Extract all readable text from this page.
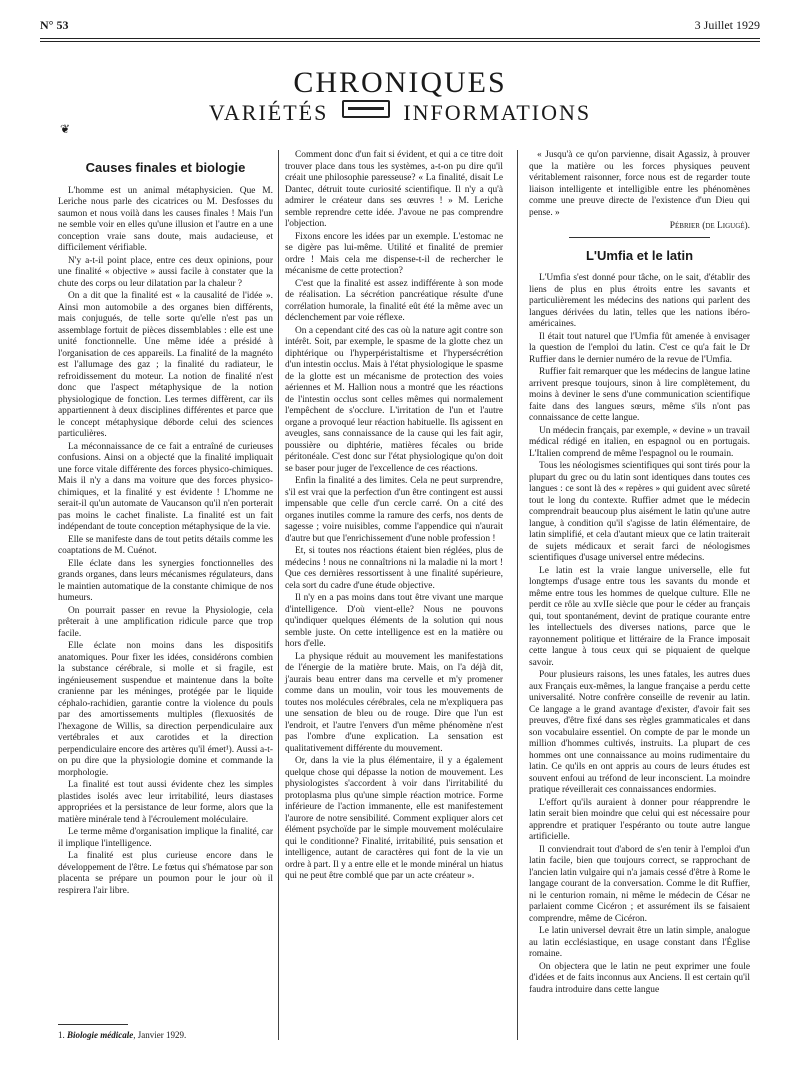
N° 53	3 Juillet 1929
CHRONIQUES
VARIÉTÉS	INFORMATIONS
❦
Causes finales et biologie

L'homme est un animal métaphysicien. Que M. Leriche nous parle des cicatrices ou M. Desfosses du saumon et nous voilà dans les causes finales ! Mais l'un ne semble voir en elles qu'une illusion et l'autre en a une conception vraie sans doute, mais audacieuse, et difficilement vérifiable.

N'y a-t-il point place, entre ces deux opinions, pour une finalité « objective » aussi facile à constater que la chute des corps ou leur dilatation par la chaleur ?

On a dit que la finalité est « la causalité de l'idée ». Ainsi mon automobile a des organes bien différents, mais conjugués, de telle sorte qu'elle n'est pas un assemblage fortuit de pièces dissemblables : elle est une unité fonctionnelle. Une même idée a présidé à l'organisation de ces appareils. La finalité de la magnéto est l'allumage des gaz ; la finalité du radiateur, le refroidissement du moteur. La notion de finalité n'est donc que l'aspect métaphysique de la notion physiologique de fonction. Les termes diffèrent, car ils appartiennent à deux disciplines différentes et parce que le concept métaphysique déborde celui des sciences particulières.

La méconnaissance de ce fait a entraîné de curieuses confusions. Ainsi on a objecté que la finalité impliquait une force vitale différente des forces physico-chimiques. Mais il n'y a dans ma voiture que des forces physico-chimiques, et la finalité y est évidente ! L'homme ne serait-il qu'un automate de Vaucanson qu'il n'en porterait pas moins le cachet finaliste. La finalité est un fait indépendant de toute conception métaphysique de la vie.

Elle se manifeste dans de tout petits détails comme les coaptations de M. Cuénot.

Elle éclate dans les synergies fonctionnelles des grands organes, dans leurs mécanismes régulateurs, dans le maintien automatique de la constante chimique de nos humeurs.

On pourrait passer en revue la Physiologie, cela prêterait à une amplification ridicule parce que trop facile.

Elle éclate non moins dans les dispositifs anatomiques. Pour fixer les idées, considérons combien la substance cérébrale, si molle et si fragile, est ingénieusement suspendue et maintenue dans la boîte cranienne par les méninges, protégée par le liquide céphalo-rachidien, garantie contre la violence du pouls par des amortissements multiples (flexuosités de l'hexagone de Willis, sa direction perpendiculaire aux vertébrales et aux carotides et la direction perpendiculaire encore des artères qu'il émet¹). Aussi a-t-on pu dire que la physiologie domine et commande la morphologie.

La finalité est tout aussi évidente chez les simples plastides isolés avec leur irritabilité, leurs diastases appropriées et la persistance de leur forme, alors que la matière minérale tend à l'écroulement moléculaire.

Le terme même d'organisation implique la finalité, car il implique l'intelligence.

La finalité est plus curieuse encore dans le développement de l'être. Le fœtus qui s'hématose par son placenta se prépare un poumon pour le jour où il respirera l'air libre.

Comment donc d'un fait si évident, et qui a ce titre doit trouver place dans tous les systèmes, a-t-on pu dire qu'il créait une philosophie paresseuse? « La finalité, disait Le Dantec, détruit toute curiosité scientifique. Il n'y a qu'à admirer le créateur dans ses œuvres ! » M. Leriche semble reprendre cette idée. J'avoue ne pas comprendre l'objection.

Fixons encore les idées par un exemple. L'estomac ne se digère pas lui-même. Utilité et finalité de premier ordre ! Mais cela me dispense-t-il de rechercher le mécanisme de cette protection?

C'est que la finalité est assez indifférente à son mode de réalisation. La sécrétion pancréatique résulte d'une corrélation humorale, la finalité eût été la même avec un déclenchement par voie réflexe.

On a cependant cité des cas où la nature agit contre son intérêt. Soit, par exemple, le spasme de la glotte chez un diphtérique ou l'hyperpéristaltisme et l'hypersécrétion d'un intestin occlus. Mais à l'état physiologique le spasme de la glotte est un mécanisme de protection des voies aériennes et M. Hallion nous a montré que les réactions de l'intestin occlus sont celles mêmes qui normalement l'empêchent de s'occlure. L'irritation de l'un et l'autre organe a provoqué leur réaction habituelle. Ils agissent en aveugles, sans connaissance de la cause qui les fait agir, poussière ou diphtérie, matières fécales ou bride péritonéale. C'est donc sur l'état physiologique qu'on doit se baser pour juger de l'excellence de ces réactions.

Enfin la finalité a des limites. Cela ne peut surprendre, s'il est vrai que la perfection d'un être contingent est aussi impensable que celle d'un cercle carré. On a cité des organes inutiles comme la ramure des cerfs, nos dents de sagesse ; voire nuisibles, comme l'appendice qui n'aurait d'autre but que l'enrichissement d'une noble profession !

Et, si toutes nos réactions étaient bien réglées, plus de médecins ! nous ne connaîtrions ni la maladie ni la mort ! Que ces dernières ressortissent à une finalité supérieure, cela sort du cadre d'une étude objective.

Il n'y en a pas moins dans tout être vivant une marque d'intelligence. D'où vient-elle? Nous ne pouvons qu'indiquer quelques éléments de la solution qui nous semble juste. On cette intelligence est en la matière ou hors d'elle.

La physique réduit au mouvement les manifestations de l'énergie de la matière brute. Mais, on l'a déjà dit, j'aurais beau entrer dans ma cervelle et m'y promener comme dans un moulin, voir tous les mouvements de toutes nos molécules cérébrales, cela ne m'expliquera pas une sensation de bleu ou de rouge. Dire que l'un est l'endroit, et l'autre l'envers d'un même phénomène n'est pas l'ombre d'une explication. La sensation est qualitativement différente du mouvement.

Or, dans la vie la plus élémentaire, il y a également quelque chose qui dépasse la notion de mouvement. Les physiologistes s'accordent à voir dans l'irritabilité du protoplasma plus qu'une simple réaction motrice. Forme inférieure de l'action immanente, elle est manifestement l'aurore de notre sensibilité. Comment expliquer alors cet élément psychoïde par le simple mouvement moléculaire qui le conditionne? Finalité, irritabilité, puis sensation et intelligence, autant de caractères qui font de la vie un ordre à part. Il y a entre elle et le monde minéral un hiatus qui ne peut être comblé que par un acte créateur ».

« Jusqu'à ce qu'on parvienne, disait Agassiz, à prouver que la matière ou les forces physiques peuvent véritablement raisonner, force nous est de regarder toute liaison intelligente et intelligible entre les phénomènes comme une preuve directe de l'existence d'un Dieu qui pense. »

Pébrier (de Ligugé).
L'Umfia et le latin

L'Umfia s'est donné pour tâche, on le sait, d'établir des liens de plus en plus étroits entre les savants et particulièrement les médecins des nations qui parlent des langues dérivées du latin, telles que les nations ibéro-américaines.

Il était tout naturel que l'Umfia fût amenée à envisager la question de l'emploi du latin. C'est ce qu'a fait le Dr Ruffier dans le dernier numéro de la revue de l'Umfia.

Ruffier fait remarquer que les médecins de langue latine arrivent presque toujours, sinon à lire complètement, du moins à deviner le sens d'une communication scientifique faite dans des langues sœurs, même s'ils n'ont pas connaissance de cette langue.

Un médecin français, par exemple, « devine » un travail médical rédigé en italien, en espagnol ou en portugais. L'Italien comprend de même l'espagnol ou le roumain.

Tous les néologismes scientifiques qui sont tirés pour la plupart du grec ou du latin sont identiques dans toutes ces langues : ce sont là des « repères » qui guident avec sûreté tout le long du contexte. Ruffier admet que le médecin comprendrait beaucoup plus aisément le latin qu'une autre langue, à condition qu'il s'agisse de latin élémentaire, de latin simplifié, et cela d'autant mieux que ce latin traiterait de sujets médicaux et serait farci de néologismes scientifiques d'usage universel entre médecins.

Le latin est la vraie langue universelle, elle fut longtemps d'usage entre tous les savants du monde et même entre tous les hommes de quelque culture. Elle ne perdit ce rôle au xvIIe siècle que pour le céder au français qui, tout spontanément, devint de pratique courante entre les intellectuels des diverses nations, parce que le rayonnement politique et littéraire de la France imposait cette langue à tous ceux qui se piquaient de quelque savoir.

Pour plusieurs raisons, les unes fatales, les autres dues aux Français eux-mêmes, la langue française a perdu cette universalité. Notre confrère conseille de revenir au latin. Ce langage a le grand avantage d'exister, d'avoir fait ses preuves, d'être fixé dans ses règles grammaticales et dans son vocabulaire essentiel. On compte de par le monde un million d'hommes cultivés, instruits. La plupart de ces hommes ont une connaissance au moins rudimentaire du latin. Ce qu'ils en ont appris au cours de leurs études est souvent enfoui au tréfond de leur inconscient. La moindre pratique réveillerait ces connaissances endormies.

L'effort qu'ils auraient à donner pour réapprendre le latin serait bien moindre que celui qui est nécessaire pour apprendre et pratiquer l'espéranto ou toute autre langue artificielle.

Il conviendrait tout d'abord de s'en tenir à l'emploi d'un latin facile, bien que toujours correct, se rapprochant de l'ancien latin vulgaire qui n'a jamais cessé d'être à Rome le langage courant de la conversation. Comme le dit Ruffier, ni le centurion romain, ni même le médecin de César ne parlaient comme Cicéron ; et assurément ils se faisaient comprendre, même de Cicéron.

Le latin universel devrait être un latin simple, analogue au latin ecclésiastique, en usage constant dans l'Église romaine.

On objectera que le latin ne peut exprimer une foule d'idées et de faits inconnus aux Anciens. Il est certain qu'il faudra introduire dans cette langue

1. Biologie médicale, Janvier 1929.
